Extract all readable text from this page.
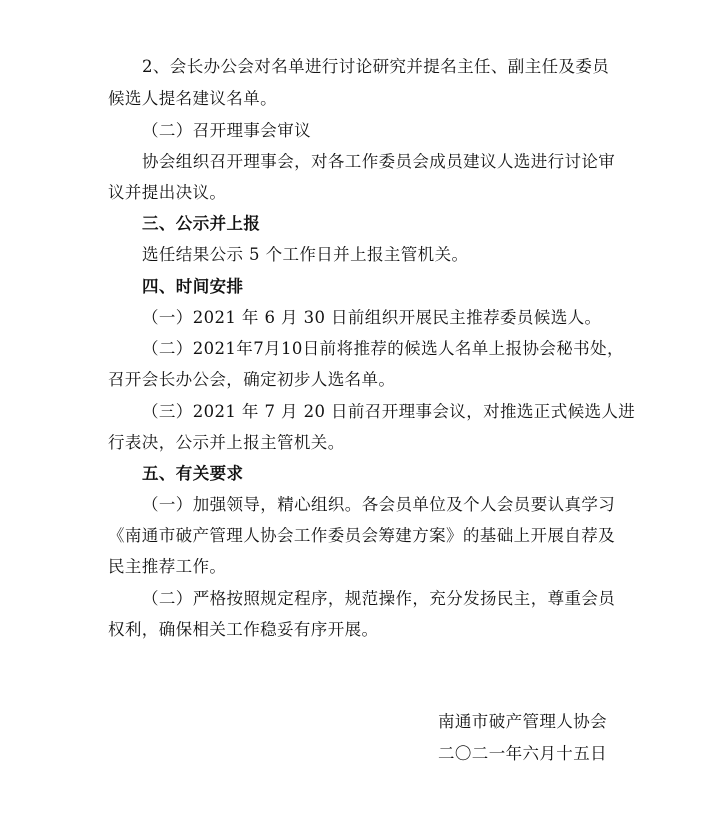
2、会长办公会对名单进行讨论研究并提名主任、副主任及委员
候选人提名建议名单。
（二）召开理事会审议
协会组织召开理事会，对各工作委员会成员建议人选进行讨论审
议并提出决议。
三、公示并上报
选任结果公示 5 个工作日并上报主管机关。
四、时间安排
（一）2021 年 6 月 30 日前组织开展民主推荐委员候选人。
（二）2021年7月10日前将推荐的候选人名单上报协会秘书处，
召开会长办公会，确定初步人选名单。
（三）2021 年 7 月 20 日前召开理事会议，对推选正式候选人进
行表决，公示并上报主管机关。
五、有关要求
（一）加强领导，精心组织。各会员单位及个人会员要认真学习
《南通市破产管理人协会工作委员会筹建方案》的基础上开展自荐及
民主推荐工作。
（二）严格按照规定程序，规范操作，充分发扬民主，尊重会员
权利，确保相关工作稳妥有序开展。
南通市破产管理人协会
二〇二一年六月十五日
